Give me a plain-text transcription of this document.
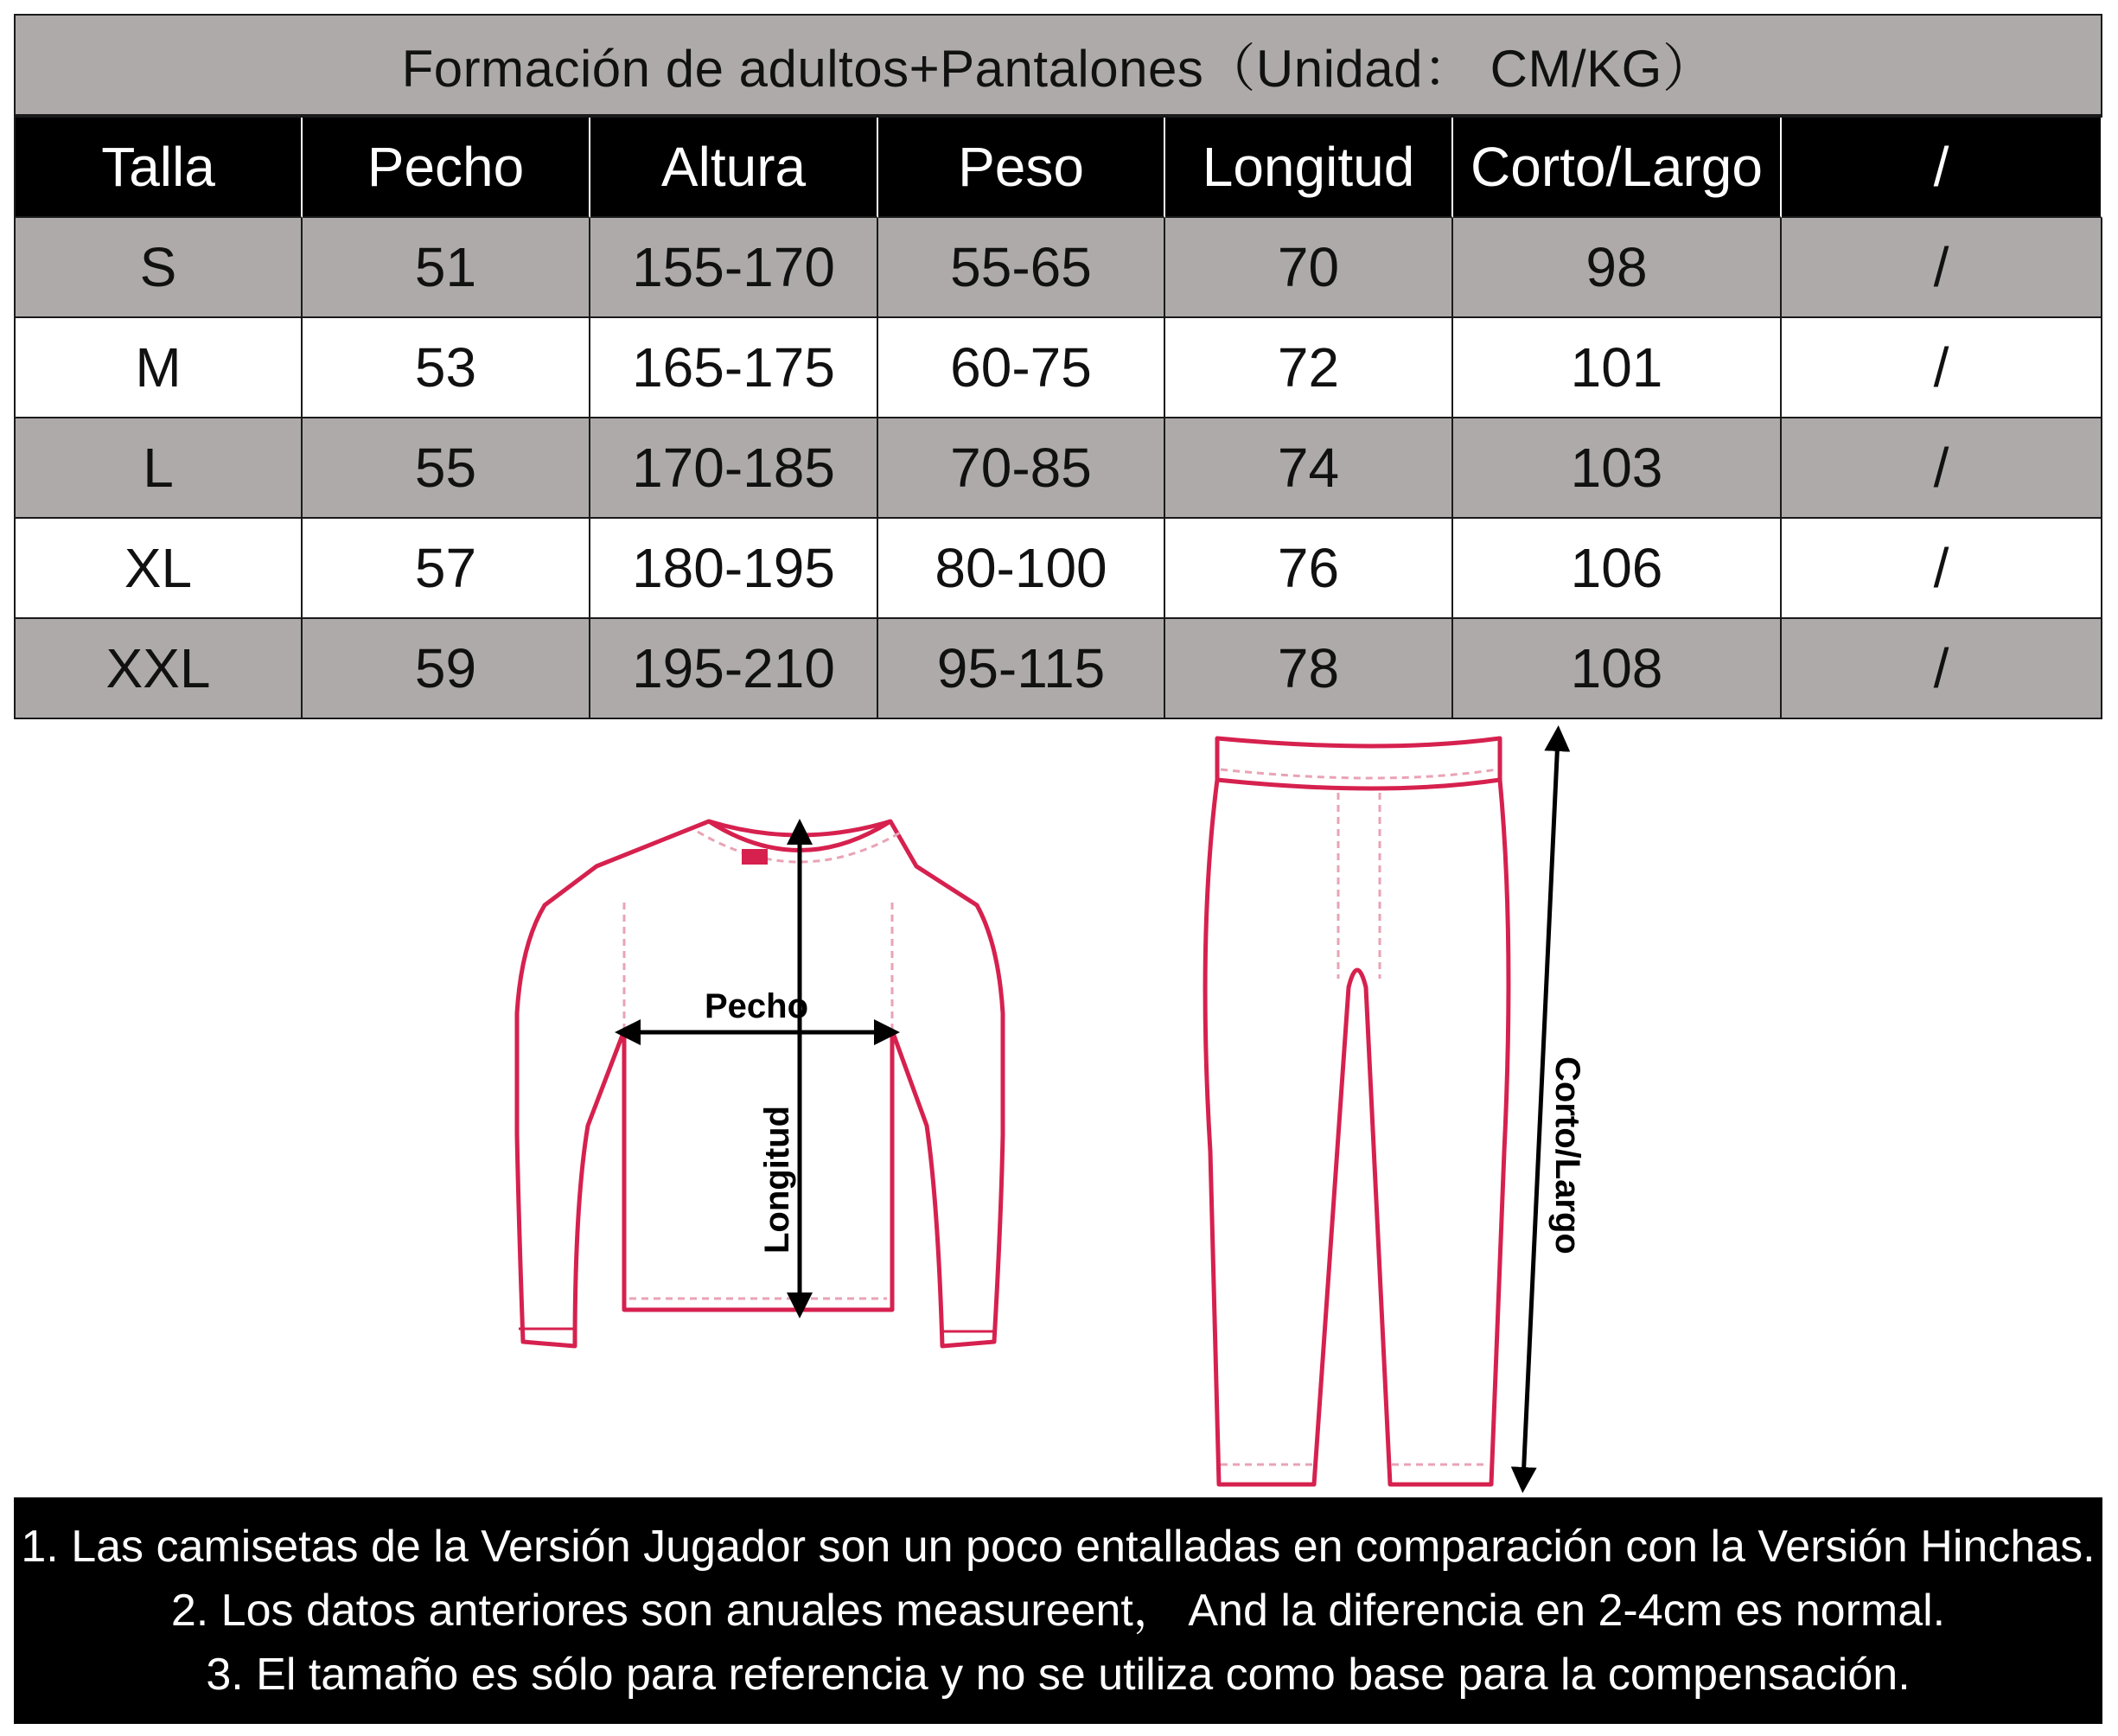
Formación de adultos+Pantalones（Unidad： CM/KG）
Talla	Pecho	Altura	Peso	Longitud	Corto/Largo	/
S	51	155-170	55-65	70	98	/
M	53	165-175	60-75	72	101	/
L	55	170-185	70-85	74	103	/
XL	57	180-195	80-100	76	106	/
XXL	59	195-210	95-115	78	108	/
Pecho
Longitud	Corto/Largo
1. Las camisetas de la Versión Jugador son un poco entalladas en comparación con la Versión Hinchas.
2. Los datos anteriores son anuales measureent， And la diferencia en 2-4cm es normal.
3. El tamaño es sólo para referencia y no se utiliza como base para la compensación.
